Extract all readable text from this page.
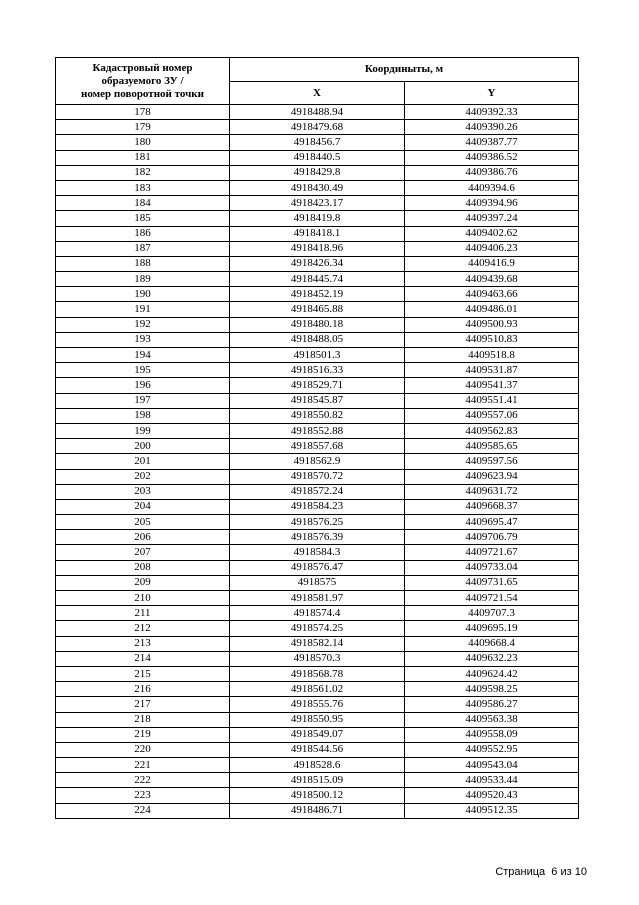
Кадастровый номер
образуемого ЗУ /
номер поворотной точки	Координыты, м	
	X	Y
178	4918488.94	4409392.33
179	4918479.68	4409390.26
180	4918456.7	4409387.77
181	4918440.5	4409386.52
182	4918429.8	4409386.76
183	4918430.49	4409394.6
184	4918423.17	4409394.96
185	4918419.8	4409397.24
186	4918418.1	4409402.62
187	4918418.96	4409406.23
188	4918426.34	4409416.9
189	4918445.74	4409439.68
190	4918452.19	4409463.66
191	4918465.88	4409486.01
192	4918480.18	4409500.93
193	4918488.05	4409510.83
194	4918501.3	4409518.8
195	4918516.33	4409531.87
196	4918529.71	4409541.37
197	4918545.87	4409551.41
198	4918550.82	4409557.06
199	4918552.88	4409562.83
200	4918557.68	4409585.65
201	4918562.9	4409597.56
202	4918570.72	4409623.94
203	4918572.24	4409631.72
204	4918584.23	4409668.37
205	4918576.25	4409695.47
206	4918576.39	4409706.79
207	4918584.3	4409721.67
208	4918576.47	4409733.04
209	4918575	4409731.65
210	4918581.97	4409721.54
211	4918574.4	4409707.3
212	4918574.25	4409695.19
213	4918582.14	4409668.4
214	4918570.3	4409632.23
215	4918568.78	4409624.42
216	4918561.02	4409598.25
217	4918555.76	4409586.27
218	4918550.95	4409563.38
219	4918549.07	4409558.09
220	4918544.56	4409552.95
221	4918528.6	4409543.04
222	4918515.09	4409533.44
223	4918500.12	4409520.43
224	4918486.71	4409512.35
Страница 6 из 10
